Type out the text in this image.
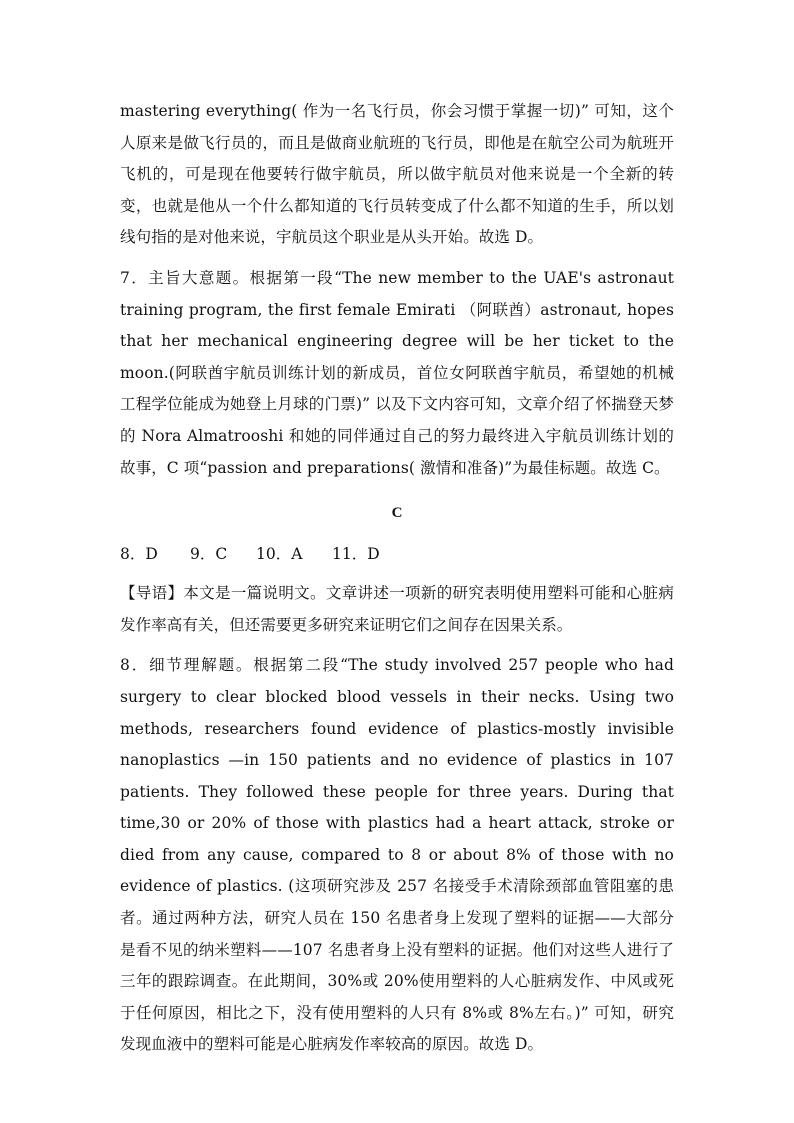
mastering everything( 作为一名飞行员，你会习惯于掌握一切)” 可知，这个人原来是做飞行员的，而且是做商业航班的飞行员，即他是在航空公司为航班开飞机的，可是现在他要转行做宇航员，所以做宇航员对他来说是一个全新的转变，也就是他从一个什么都知道的飞行员转变成了什么都不知道的生手，所以划线句指的是对他来说，宇航员这个职业是从头开始。故选 D。

7．主旨大意题。根据第一段“The new member to the UAE's astronaut training program, the first female Emirati （阿联酋）astronaut, hopes that her mechanical engineering degree will be her ticket to the moon.(阿联酋宇航员训练计划的新成员，首位女阿联酋宇航员，希望她的机械工程学位能成为她登上月球的门票)” 以及下文内容可知，文章介绍了怀揣登天梦的 Nora Almatrooshi 和她的同伴通过自己的努力最终进入宇航员训练计划的故事，C 项“passion and preparations( 激情和准备)”为最佳标题。故选 C。

C
8．D	9．C	10．A	11．D

【导语】本文是一篇说明文。文章讲述一项新的研究表明使用塑料可能和心脏病发作率高有关，但还需要更多研究来证明它们之间存在因果关系。

8．细节理解题。根据第二段“The study involved 257 people who had surgery to clear blocked blood vessels in their necks. Using two methods, researchers found evidence of plastics-mostly invisible nanoplastics —in 150 patients and no evidence of plastics in 107 patients. They followed these people for three years. During that time,30 or 20% of those with plastics had a heart attack, stroke or died from any cause, compared to 8 or about 8% of those with no evidence of plastics. (这项研究涉及 257 名接受手术清除颈部血管阻塞的患者。通过两种方法，研究人员在 150 名患者身上发现了塑料的证据——大部分是看不见的纳米塑料——107 名患者身上没有塑料的证据。他们对这些人进行了三年的跟踪调查。在此期间，30%或 20%使用塑料的人心脏病发作、中风或死于任何原因，相比之下，没有使用塑料的人只有 8%或 8%左右。)” 可知，研究发现血液中的塑料可能是心脏病发作率较高的原因。故选 D。
